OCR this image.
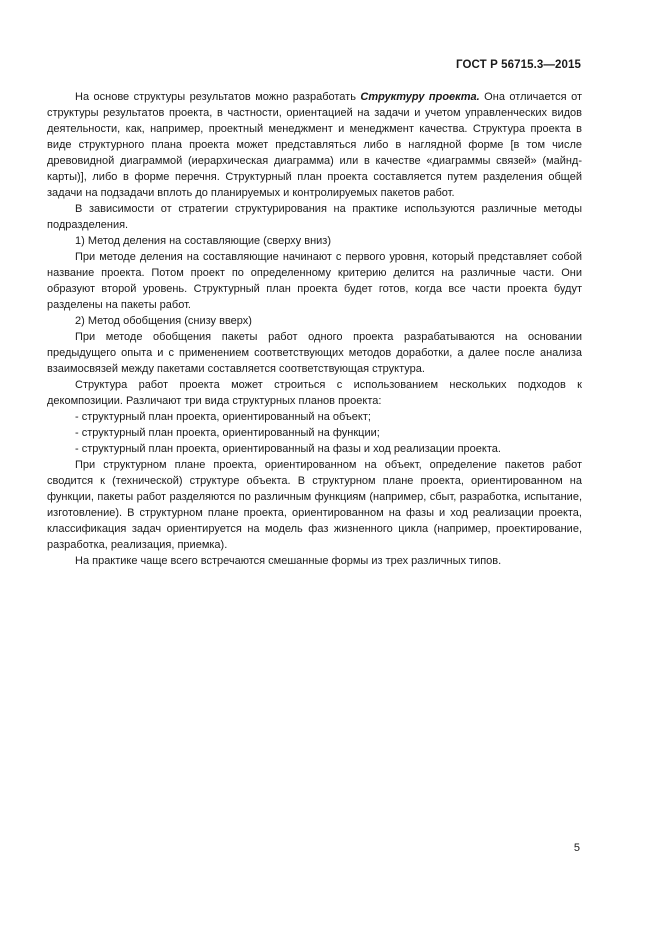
ГОСТ Р 56715.3—2015

На основе структуры результатов можно разработать Структуру проекта. Она отличается от структуры результатов проекта, в частности, ориентацией на задачи и учетом управленческих видов деятельности, как, например, проектный менеджмент и менеджмент качества. Структура проекта в виде структурного плана проекта может представляться либо в наглядной форме [в том числе древовидной диаграммой (иерархическая диаграмма) или в качестве «диаграммы связей» (майнд-карты)], либо в форме перечня. Структурный план проекта составляется путем разделения общей задачи на подзадачи вплоть до планируемых и контролируемых пакетов работ.

В зависимости от стратегии структурирования на практике используются различные методы подразделения.

1) Метод деления на составляющие (сверху вниз)

При методе деления на составляющие начинают с первого уровня, который представляет собой название проекта. Потом проект по определенному критерию делится на различные части. Они образуют второй уровень. Структурный план проекта будет готов, когда все части проекта будут разделены на пакеты работ.

2) Метод обобщения (снизу вверх)

При методе обобщения пакеты работ одного проекта разрабатываются на основании предыдущего опыта и с применением соответствующих методов доработки, а далее после анализа взаимосвязей между пакетами составляется соответствующая структура.

Структура работ проекта может строиться с использованием нескольких подходов к декомпозиции. Различают три вида структурных планов проекта:

- структурный план проекта, ориентированный на объект;

- структурный план проекта, ориентированный на функции;

- структурный план проекта, ориентированный на фазы и ход реализации проекта.

При структурном плане проекта, ориентированном на объект, определение пакетов работ сводится к (технической) структуре объекта. В структурном плане проекта, ориентированном на функции, пакеты работ разделяются по различным функциям (например, сбыт, разработка, испытание, изготовление). В структурном плане проекта, ориентированном на фазы и ход реализации проекта, классификация задач ориентируется на модель фаз жизненного цикла (например, проектирование, разработка, реализация, приемка).

На практике чаще всего встречаются смешанные формы из трех различных типов.

5
